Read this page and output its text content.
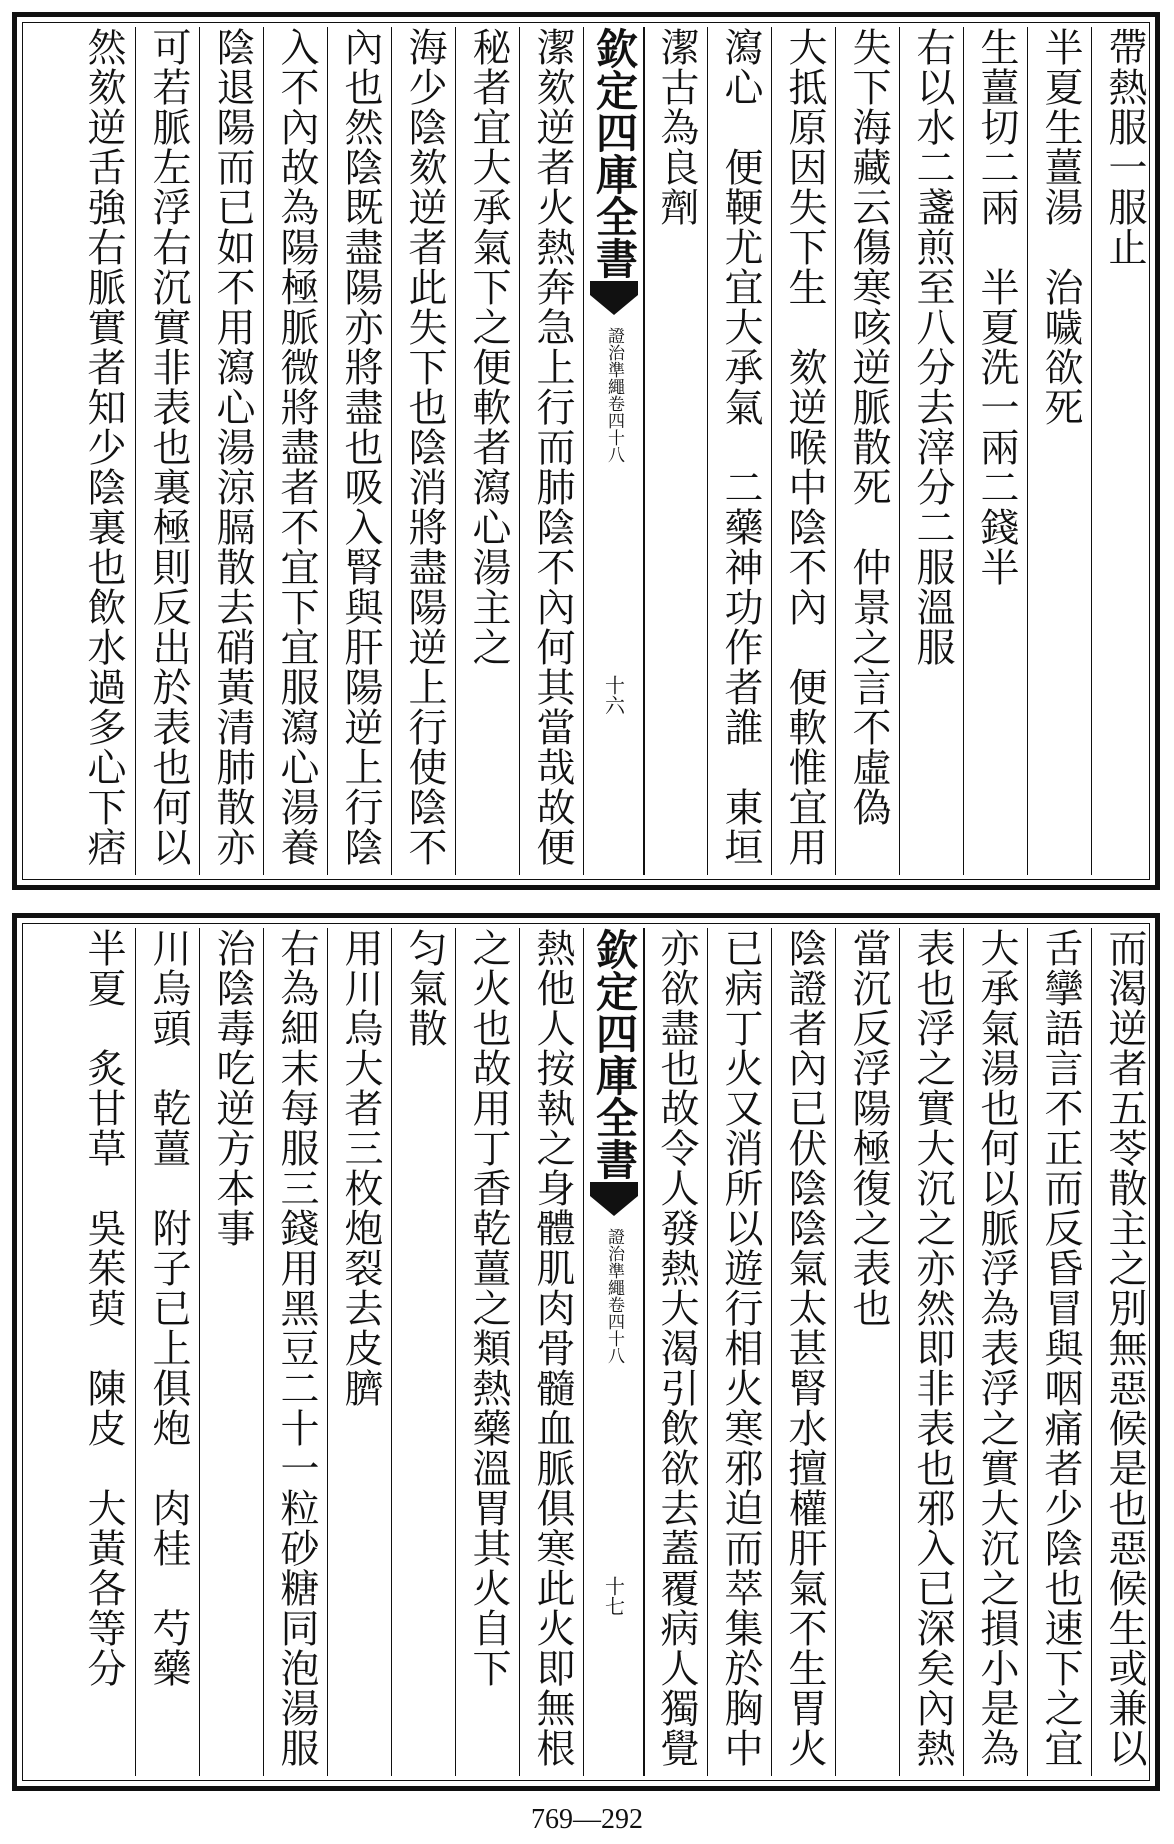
帶熱服一服止
半夏生薑湯　治噦欲死
生薑切二兩　半夏洗一兩二錢半
右以水二盞煎至八分去滓分二服溫服
失下海藏云傷寒咳逆脈散死　仲景之言不虛偽
大抵原因失下生　欬逆喉中陰不內　便軟惟宜用
瀉心　便鞕尤宜大承氣　二藥神功作者誰　東垣
潔古為良劑
欽定四庫全書
證治準繩
卷四十八
十六
潔欬逆者火熱奔急上行而肺陰不內何其當哉故便
秘者宜大承氣下之便軟者瀉心湯主之
海少陰欬逆者此失下也陰消將盡陽逆上行使陰不
內也然陰既盡陽亦將盡也吸入腎與肝陽逆上行陰
入不內故為陽極脈微將盡者不宜下宜服瀉心湯養
陰退陽而已如不用瀉心湯涼膈散去硝黃清肺散亦
可若脈左浮右沉實非表也裏極則反出於表也何以
然欬逆舌強右脈實者知少陰裏也飲水過多心下痞
而渴逆者五苓散主之別無惡候是也惡候生或兼以
舌攣語言不正而反昏冒與咽痛者少陰也速下之宜
大承氣湯也何以脈浮為表浮之實大沉之損小是為
表也浮之實大沉之亦然即非表也邪入已深矣內熱
當沉反浮陽極復之表也
陰證者內已伏陰陰氣太甚腎水擅權肝氣不生胃火
已病丁火又消所以遊行相火寒邪迫而萃集於胸中
亦欲盡也故令人發熱大渴引飲欲去蓋覆病人獨覺
欽定四庫全書
證治準繩
卷四十八
十七
熱他人按執之身體肌肉骨髓血脈俱寒此火即無根
之火也故用丁香乾薑之類熱藥溫胃其火自下
匀氣散
用川烏大者三枚炮裂去皮臍
右為細末每服三錢用黑豆二十一粒砂糖同泡湯服
治陰毒吃逆方本事
川烏頭　乾薑　附子已上俱炮　肉桂　芍藥
半夏　炙甘草　吳茱萸　陳皮　大黃各等分
769—292
